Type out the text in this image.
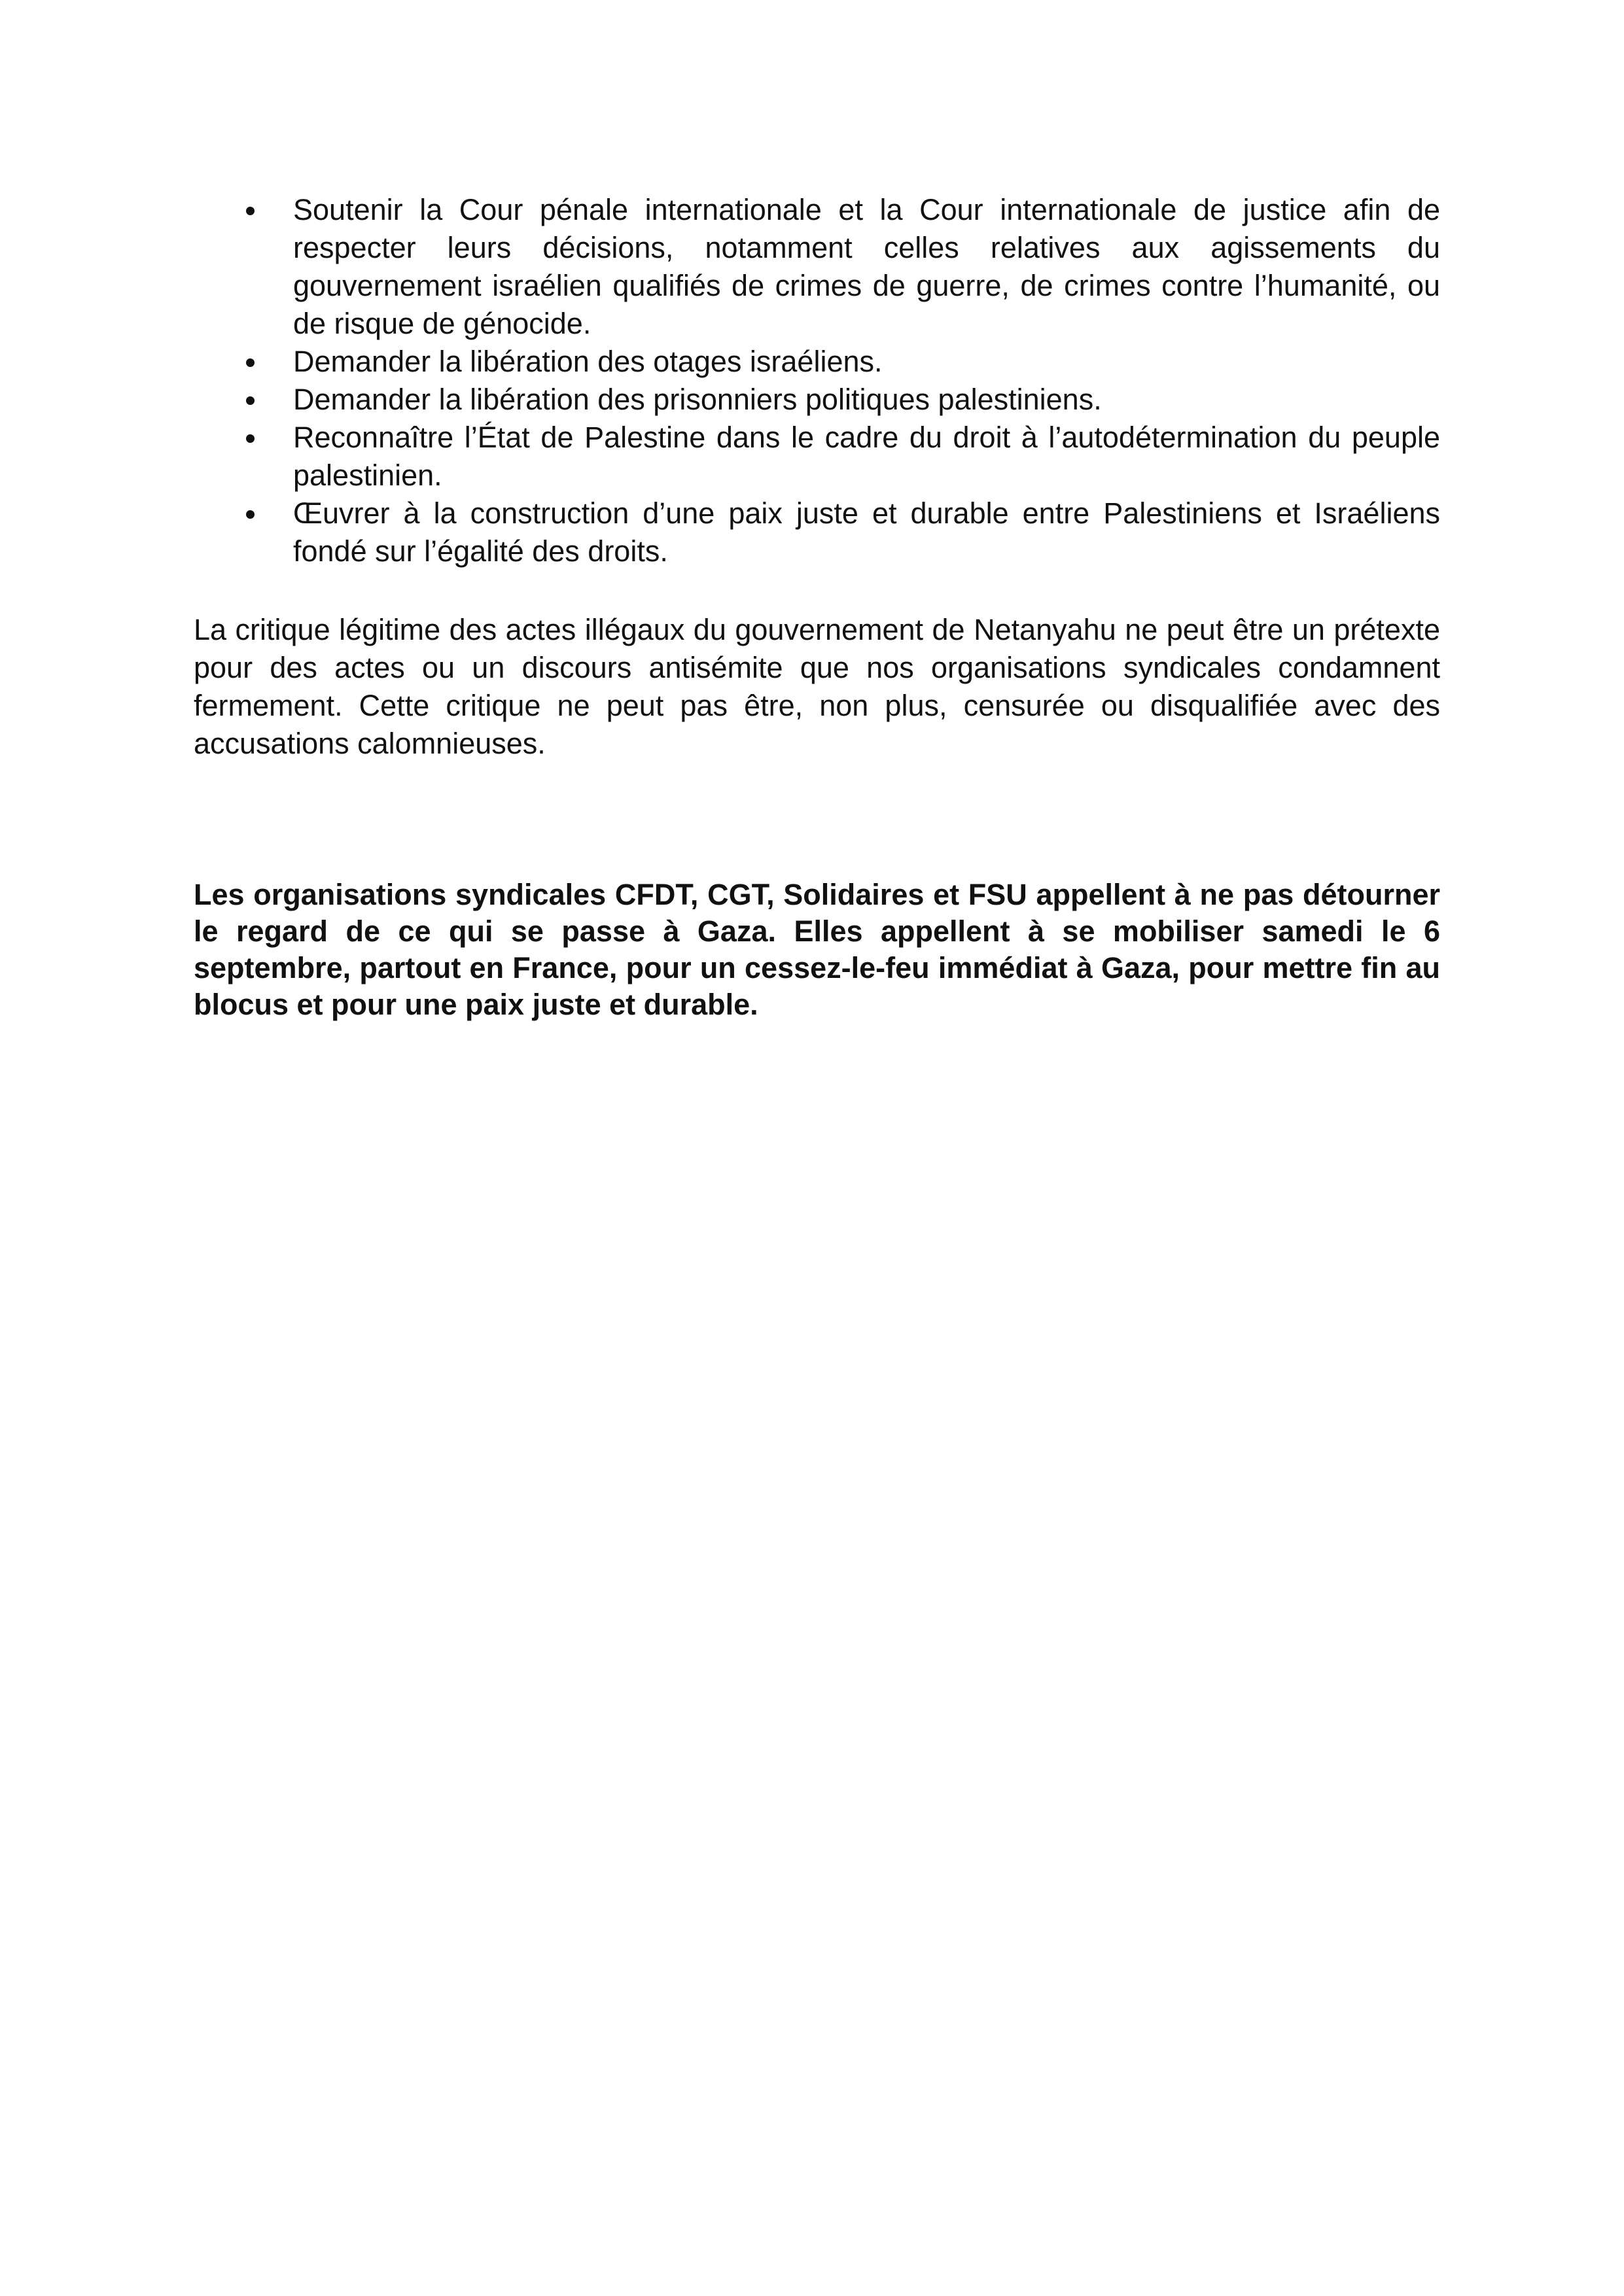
Soutenir la Cour pénale internationale et la Cour internationale de justice afin de respecter leurs décisions, notamment celles relatives aux agissements du gouvernement israélien qualifiés de crimes de guerre, de crimes contre l’humanité, ou de risque de génocide.
Demander la libération des otages israéliens.
Demander la libération des prisonniers politiques palestiniens.
Reconnaître l’État de Palestine dans le cadre du droit à l’autodétermination du peuple palestinien.
Œuvrer à la construction d’une paix juste et durable entre Palestiniens et Israéliens fondé sur l’égalité des droits.

La critique légitime des actes illégaux du gouvernement de Netanyahu ne peut être un prétexte pour des actes ou un discours antisémite que nos organisations syndicales condamnent fermement. Cette critique ne peut pas être, non plus, censurée ou disqualifiée avec des accusations calomnieuses.

Les organisations syndicales CFDT, CGT, Solidaires et FSU appellent à ne pas détourner le regard de ce qui se passe à Gaza. Elles appellent à se mobiliser samedi le 6 septembre, partout en France, pour un cessez-le-feu immédiat à Gaza, pour mettre fin au blocus et pour une paix juste et durable.
